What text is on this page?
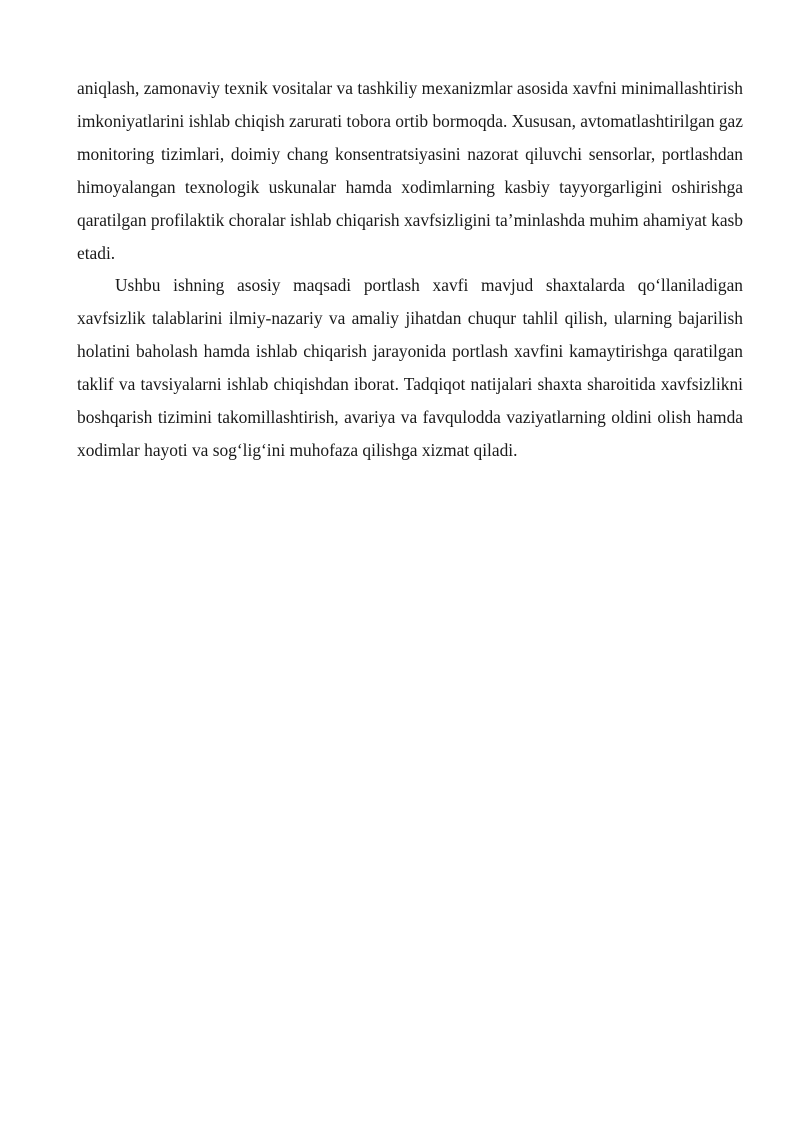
aniqlash, zamonaviy texnik vositalar va tashkiliy mexanizmlar asosida xavfni minimallashtirish imkoniyatlarini ishlab chiqish zarurati tobora ortib bormoqda. Xususan, avtomatlashtirilgan gaz monitoring tizimlari, doimiy chang konsentratsiyasini nazorat qiluvchi sensorlar, portlashdan himoyalangan texnologik uskunalar hamda xodimlarning kasbiy tayyorgarligini oshirishga qaratilgan profilaktik choralar ishlab chiqarish xavfsizligini ta’minlashda muhim ahamiyat kasb etadi.

Ushbu ishning asosiy maqsadi portlash xavfi mavjud shaxtalarda qo‘llaniladigan xavfsizlik talablarini ilmiy-nazariy va amaliy jihatdan chuqur tahlil qilish, ularning bajarilish holatini baholash hamda ishlab chiqarish jarayonida portlash xavfini kamaytirishga qaratilgan taklif va tavsiyalarni ishlab chiqishdan iborat. Tadqiqot natijalari shaxta sharoitida xavfsizlikni boshqarish tizimini takomillashtirish, avariya va favqulodda vaziyatlarning oldini olish hamda xodimlar hayoti va sog‘lig‘ini muhofaza qilishga xizmat qiladi.
